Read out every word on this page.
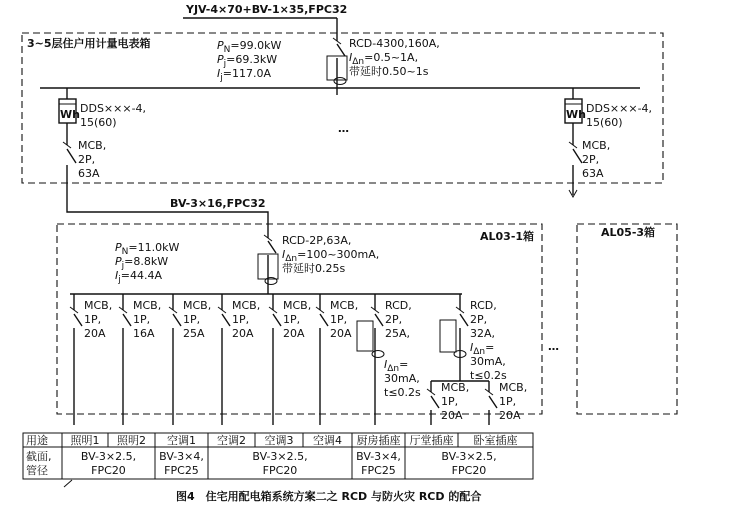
YJV-4×70+BV-1×35,FPC32
3~5层住户用计量电表箱	$P_N=99.0kW$
$P_j=69.3kW$
$I_j=117.0A$
RCD-4300,160A,
$I_{\Delta n}=0.5\sim 1A$,
带延时0.50~1s
…
Wh DDS×××-4,
15(60)
MCB,
2P,
63A
Wh DDS×××-4,
15(60)
MCB,
2P,
63A
BV-3×16,FPC32
AL03-1箱
$P_N=11.0kW$
$P_j=8.8kW$
$I_j=44.4A$
RCD-2P,63A,
$I_{\Delta n}=100\sim 300mA$,
带延时0.25s
MCB,
1P,
20A
MCB,
1P,
16A
MCB,
1P,
25A
MCB,
1P,
20A
MCB,
1P,
20A
MCB,
1P,
20A
RCD,
2P,
25A,
$I_{\Delta n}=$
30mA,
t≤0.2s
RCD,
2P,
32A,
$I_{\Delta n}=$
30mA,
t≤0.2s
MCB,
1P,
20A
MCB,
1P,
20A
AL05-3箱
…
用途
截面,
管径
照明1 照明2 空调1 空调2 空调3 空调4 厨房插座 厅堂插座 卧室插座
BV-3×2.5,
FPC20
BV-3×4,
FPC25
BV-3×2.5,
FPC20
BV-3×4,
FPC25
BV-3×2.5,
FPC20
图4　住宅用配电箱系统方案二之 RCD 与防火灾 RCD 的配合
